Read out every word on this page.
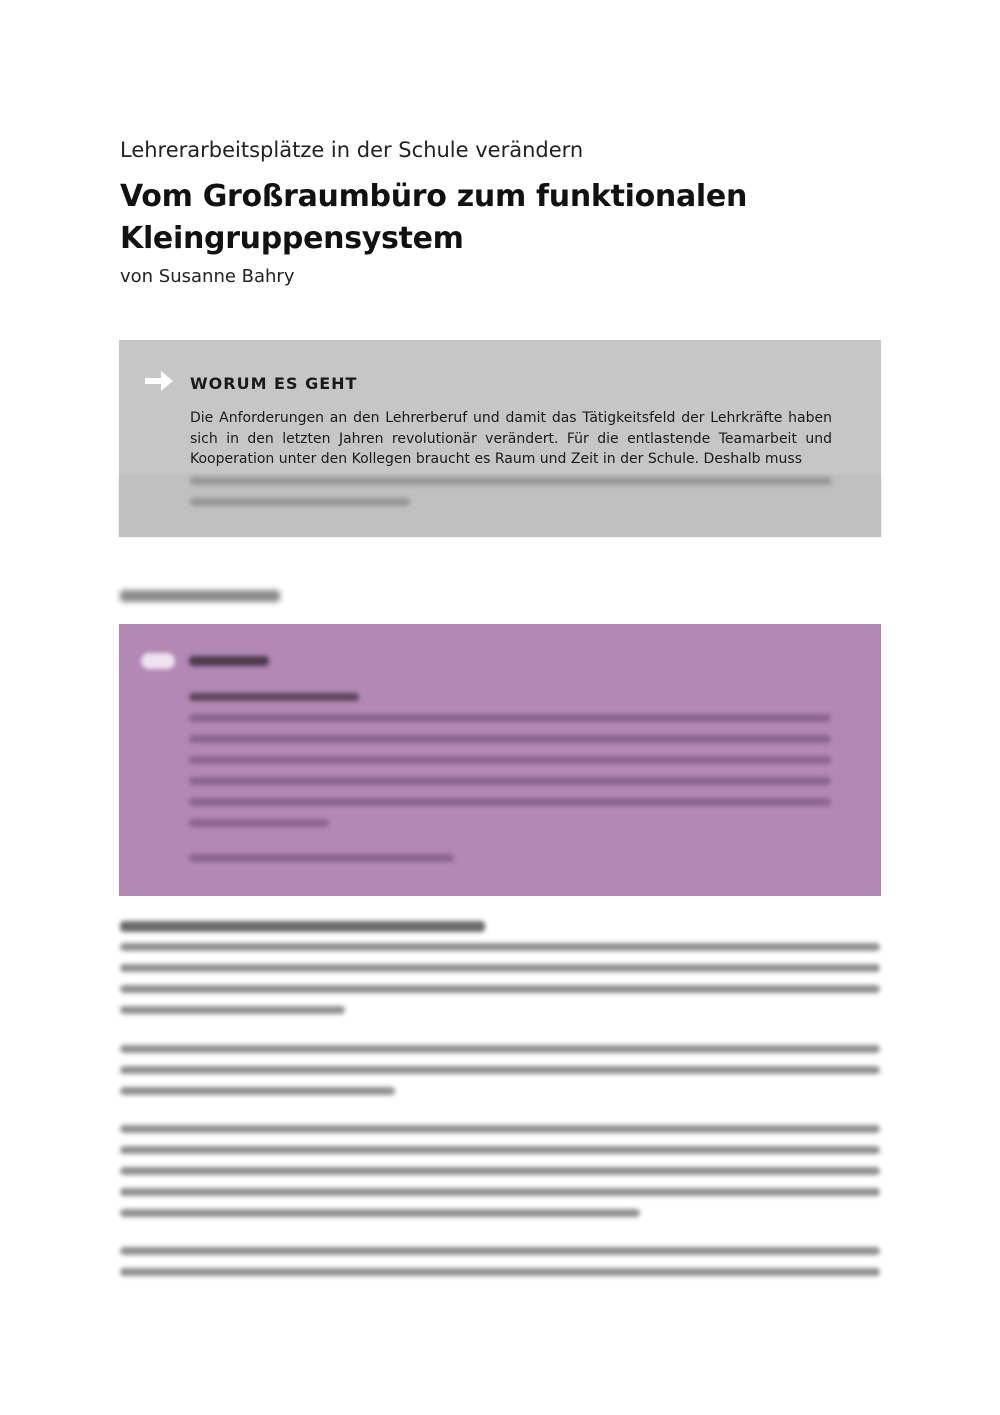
Lehrerarbeitsplätze in der Schule verändern
Vom Großraumbüro zum funktionalen Kleingruppensystem
von Susanne Bahry
WORUM ES GEHT
Die Anforderungen an den Lehrerberuf und damit das Tätigkeitsfeld der Lehrkräfte haben sich in den letzten Jahren revolutionär verändert. Für die entlastende Teamarbeit und Kooperation unter den Kollegen braucht es Raum und Zeit in der Schule. Deshalb muss
